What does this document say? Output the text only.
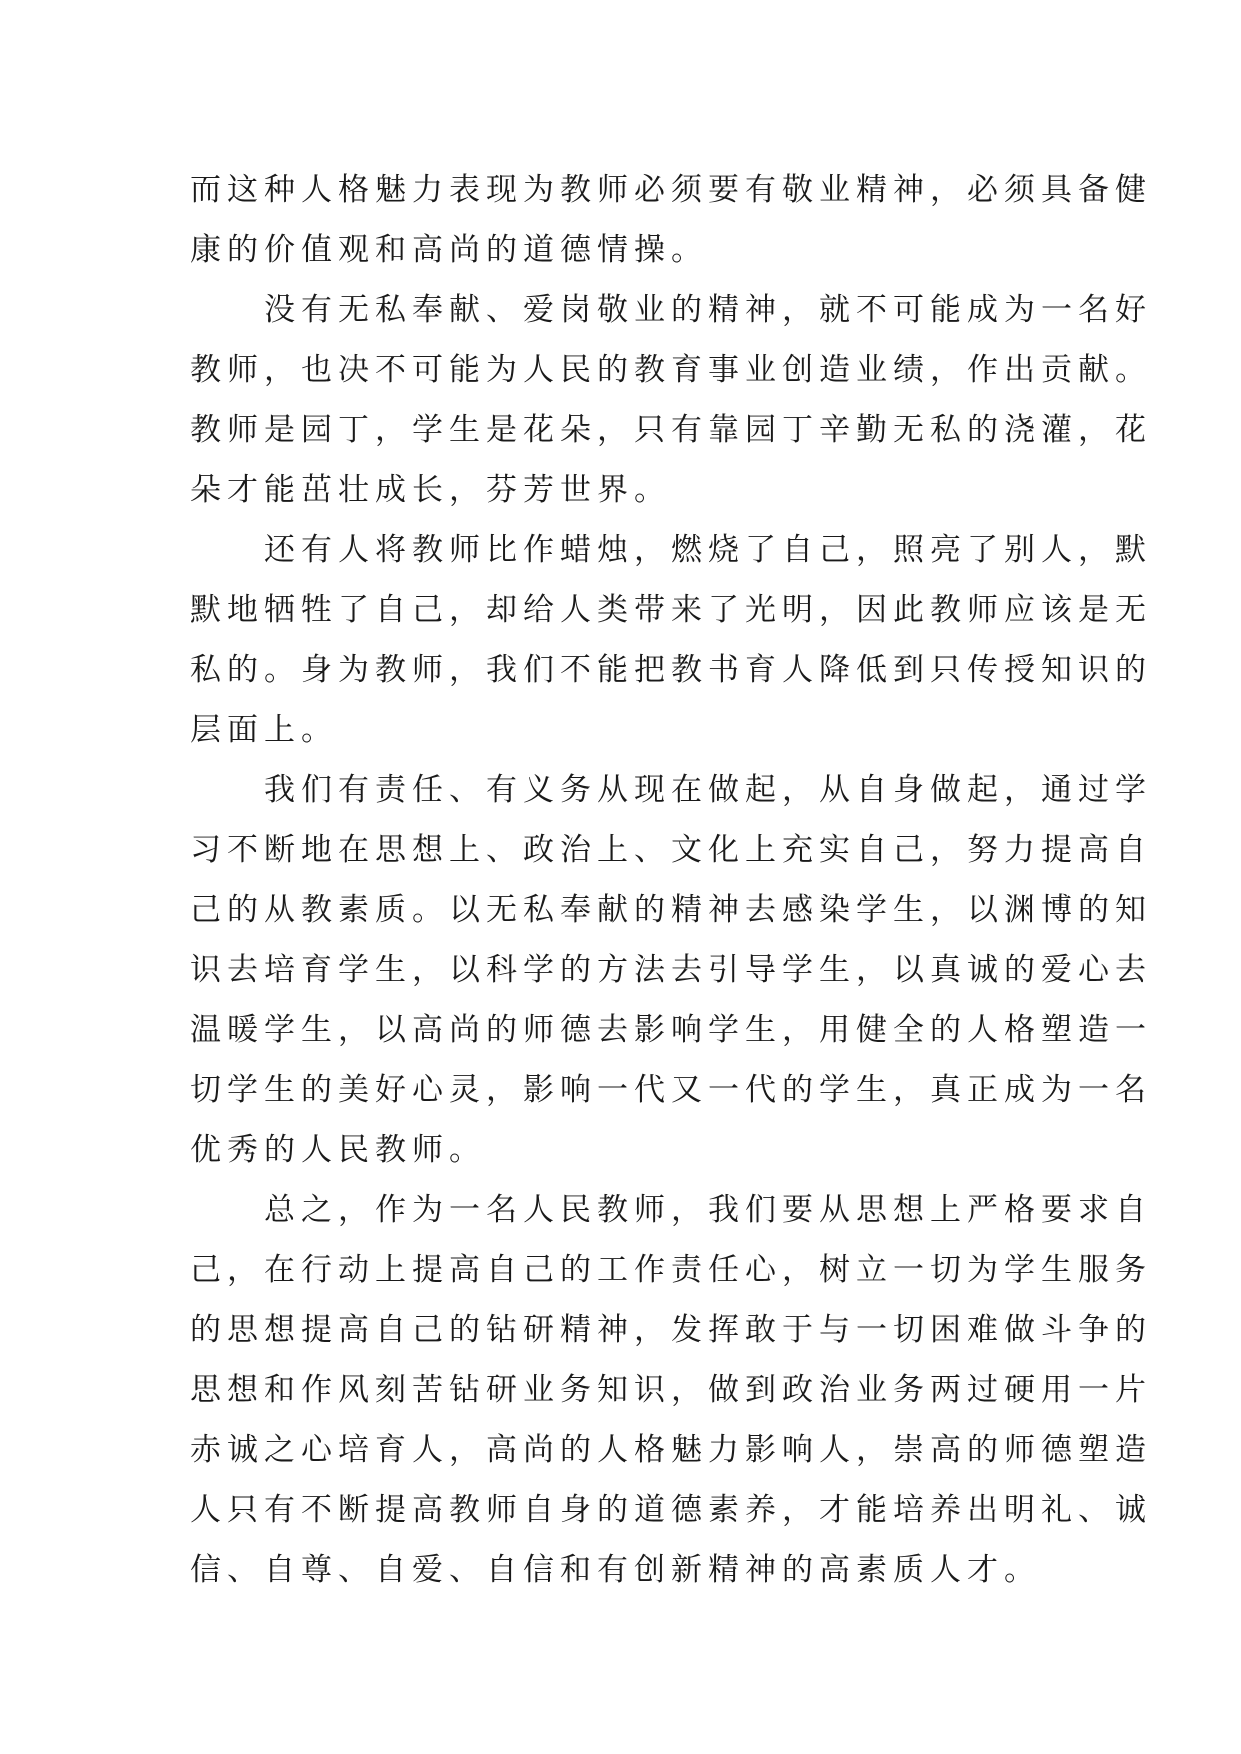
而这种人格魅力表现为教师必须要有敬业精神，必须具备健
康的价值观和高尚的道德情操。
　　没有无私奉献、爱岗敬业的精神，就不可能成为一名好
教师，也决不可能为人民的教育事业创造业绩，作出贡献。
教师是园丁，学生是花朵，只有靠园丁辛勤无私的浇灌，花
朵才能茁壮成长，芬芳世界。
　　还有人将教师比作蜡烛，燃烧了自己，照亮了别人，默
默地牺牲了自己，却给人类带来了光明，因此教师应该是无
私的。身为教师，我们不能把教书育人降低到只传授知识的
层面上。
　　我们有责任、有义务从现在做起，从自身做起，通过学
习不断地在思想上、政治上、文化上充实自己，努力提高自
己的从教素质。以无私奉献的精神去感染学生，以渊博的知
识去培育学生，以科学的方法去引导学生，以真诚的爱心去
温暖学生，以高尚的师德去影响学生，用健全的人格塑造一
切学生的美好心灵，影响一代又一代的学生，真正成为一名
优秀的人民教师。
　　总之，作为一名人民教师，我们要从思想上严格要求自
己，在行动上提高自己的工作责任心，树立一切为学生服务
的思想提高自己的钻研精神，发挥敢于与一切困难做斗争的
思想和作风刻苦钻研业务知识，做到政治业务两过硬用一片
赤诚之心培育人，高尚的人格魅力影响人，崇高的师德塑造
人只有不断提高教师自身的道德素养，才能培养出明礼、诚
信、自尊、自爱、自信和有创新精神的高素质人才。
